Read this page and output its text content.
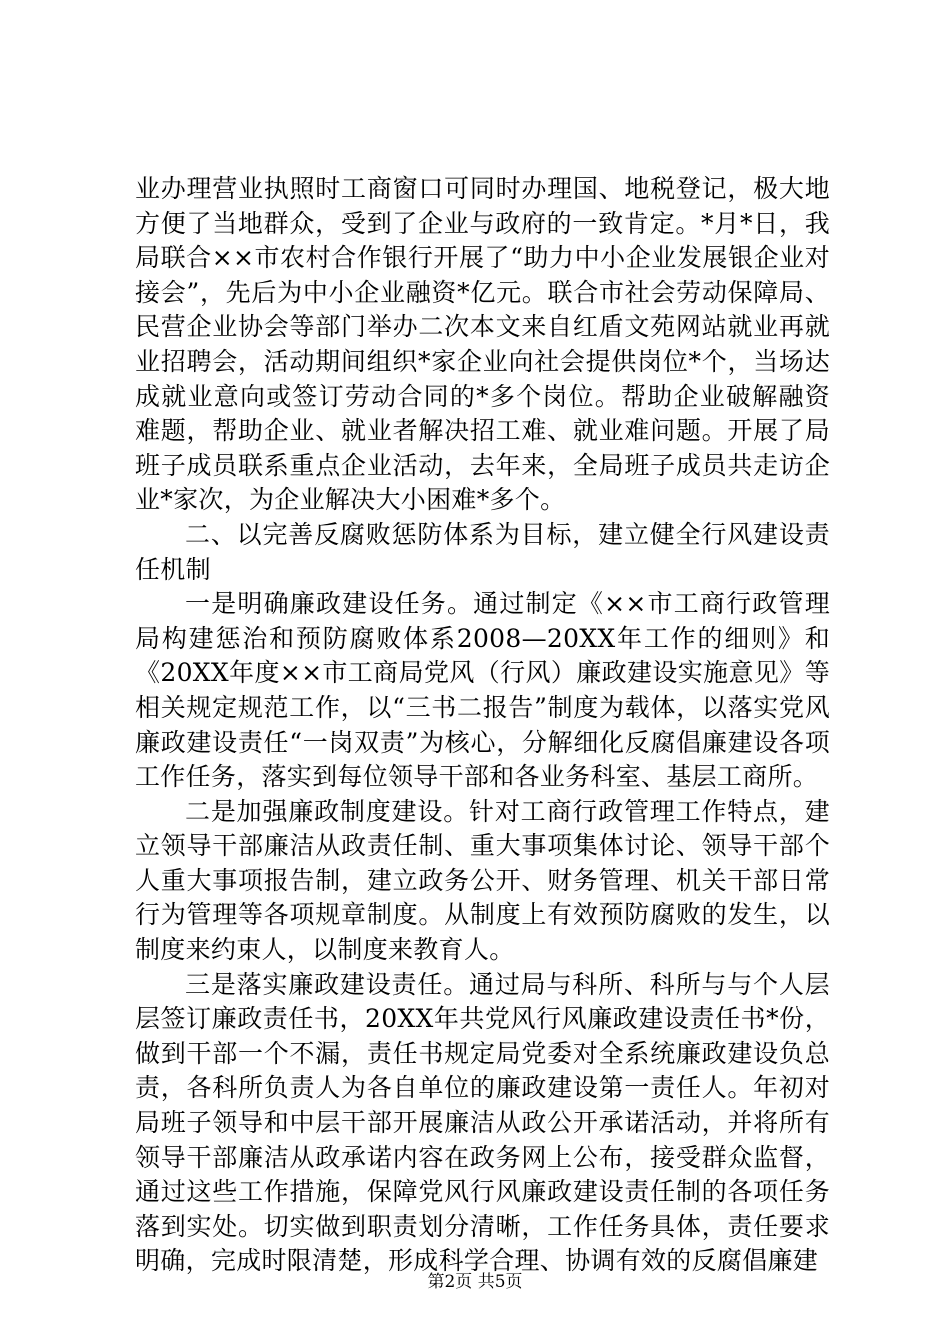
业办理营业执照时工商窗口可同时办理国、地税登记，极大地方便了当地群众，受到了企业与政府的一致肯定。*月*日，我局联合××市农村合作银行开展了“助力中小企业发展银企业对接会”，先后为中小企业融资*亿元。联合市社会劳动保障局、民营企业协会等部门举办二次本文来自红盾文苑网站就业再就业招聘会，活动期间组织*家企业向社会提供岗位*个，当场达成就业意向或签订劳动合同的*多个岗位。帮助企业破解融资难题，帮助企业、就业者解决招工难、就业难问题。开展了局班子成员联系重点企业活动，去年来，全局班子成员共走访企业*家次，为企业解决大小困难*多个。

二、以完善反腐败惩防体系为目标，建立健全行风建设责任机制

一是明确廉政建设任务。通过制定《××市工商行政管理局构建惩治和预防腐败体系2008—20XX年工作的细则》和《20XX年度××市工商局党风（行风）廉政建设实施意见》等相关规定规范工作，以“三书二报告”制度为载体，以落实党风廉政建设责任“一岗双责”为核心，分解细化反腐倡廉建设各项工作任务，落实到每位领导干部和各业务科室、基层工商所。

二是加强廉政制度建设。针对工商行政管理工作特点，建立领导干部廉洁从政责任制、重大事项集体讨论、领导干部个人重大事项报告制，建立政务公开、财务管理、机关干部日常行为管理等各项规章制度。从制度上有效预防腐败的发生，以制度来约束人，以制度来教育人。

三是落实廉政建设责任。通过局与科所、科所与与个人层层签订廉政责任书，20XX年共党风行风廉政建设责任书*份，做到干部一个不漏，责任书规定局党委对全系统廉政建设负总责，各科所负责人为各自单位的廉政建设第一责任人。年初对局班子领导和中层干部开展廉洁从政公开承诺活动，并将所有领导干部廉洁从政承诺内容在政务网上公布，接受群众监督，通过这些工作措施，保障党风行风廉政建设责任制的各项任务落到实处。切实做到职责划分清晰，工作任务具体，责任要求明确，完成时限清楚，形成科学合理、协调有效的反腐倡廉建

第2页 共5页
